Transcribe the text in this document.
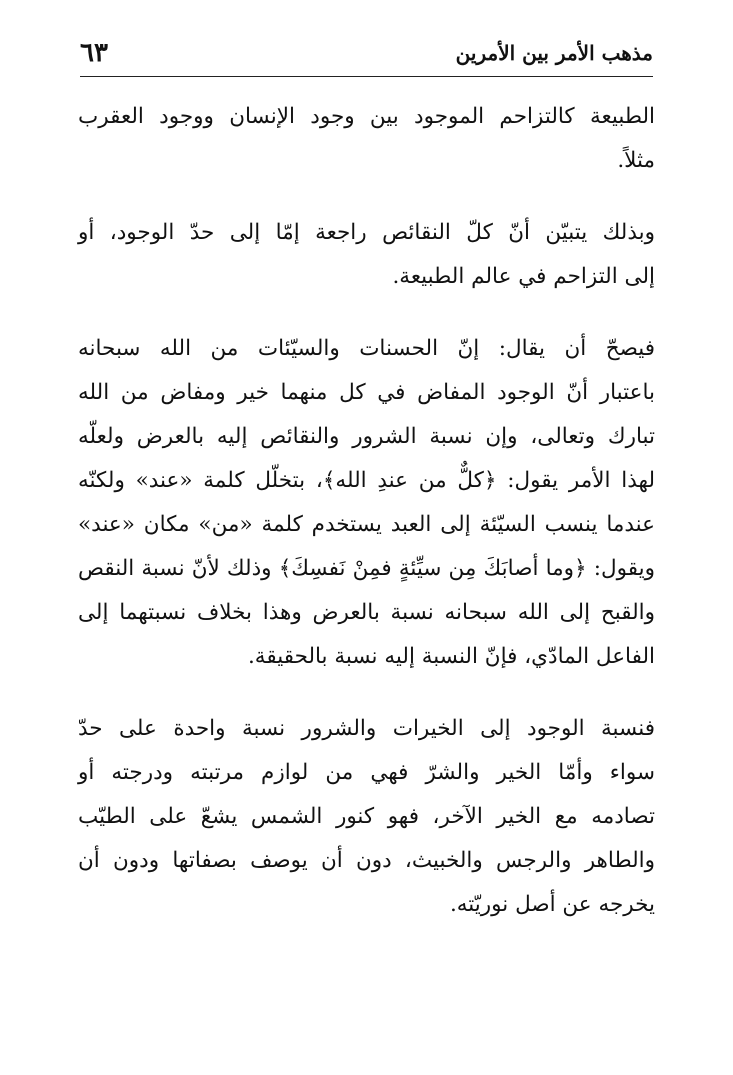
مذهب الأمر بين الأمرين
٦٣

الطبيعة كالتزاحم الموجود بين وجود الإنسان ووجود العقرب
مثلاً.

وبذلك يتبيّن أنّ كلّ النقائص راجعة إمّا إلى حدّ الوجود، أو
إلى التزاحم في عالم الطبيعة.

فيصحّ أن يقال: إنّ الحسنات والسيّئات من الله سبحانه
باعتبار أنّ الوجود المفاض في كل منهما خير ومفاض من الله
تبارك وتعالى، وإن نسبة الشرور والنقائص إليه بالعرض ولعلّه
لهذا الأمر يقول: ﴿كلٌّ من عندِ الله﴾، بتخلّل كلمة «عند» ولكنّه
عندما ينسب السيّئة إلى العبد يستخدم كلمة «من» مكان «عند»
ويقول: ﴿وما أصابَكَ مِن سيِّئةٍ فمِنْ نَفسِكَ﴾ وذلك لأنّ نسبة النقص
والقبح إلى الله سبحانه نسبة بالعرض وهذا بخلاف نسبتهما إلى
الفاعل المادّي، فإنّ النسبة إليه نسبة بالحقيقة.

فنسبة الوجود إلى الخيرات والشرور نسبة واحدة على حدّ
سواء وأمّا الخير والشرّ فهي من لوازم مرتبته ودرجته أو
تصادمه مع الخير الآخر، فهو كنور الشمس يشعّ على الطيّب
والطاهر والرجس والخبيث، دون أن يوصف بصفاتها ودون أن
يخرجه عن أصل نوريّته.
